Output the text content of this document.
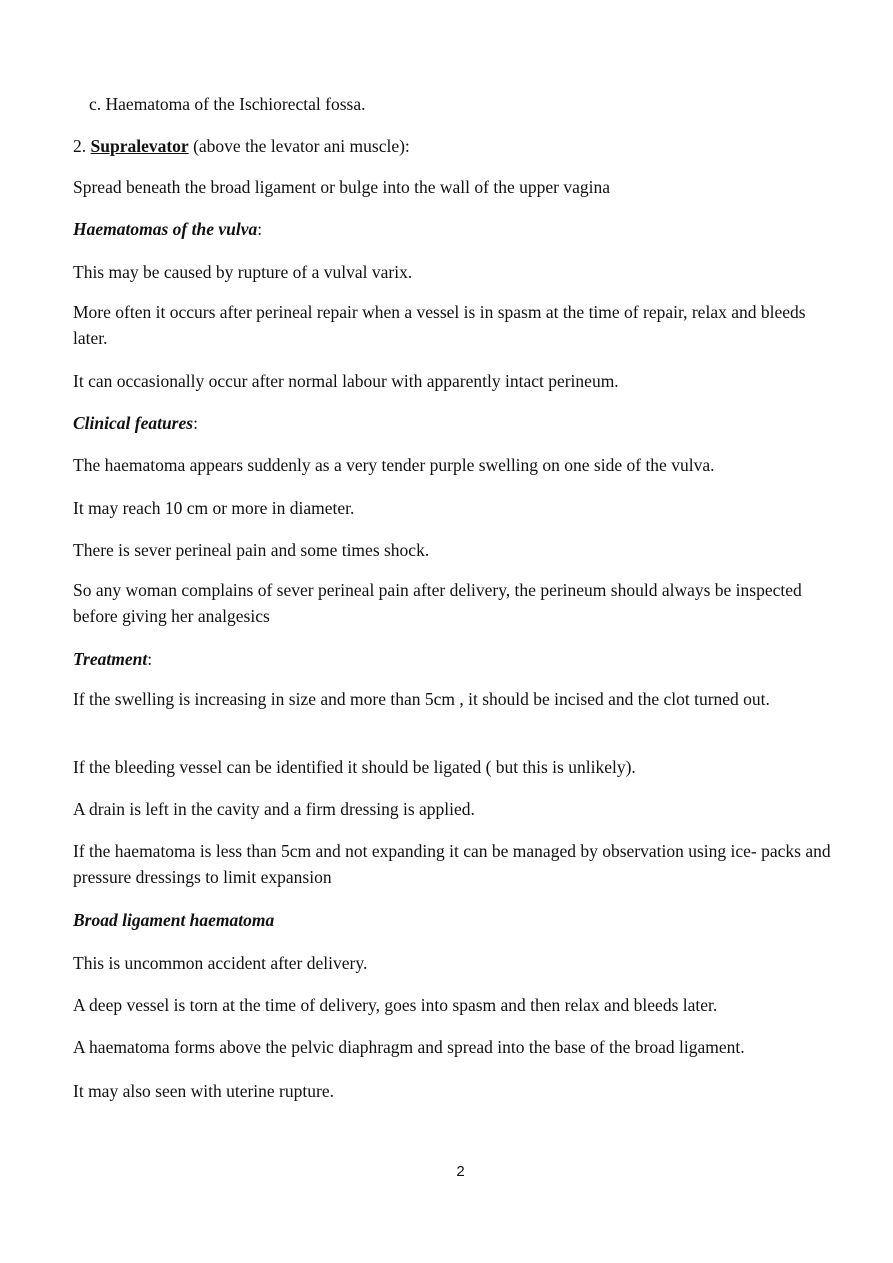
c. Haematoma of the Ischiorectal fossa.

2. Supralevator (above the levator ani muscle):

Spread beneath the broad ligament or bulge into the wall of the upper vagina

Haematomas of the vulva:

This may be caused by rupture of a vulval varix.

More often it occurs after perineal repair when a vessel is in spasm at the time of repair, relax and bleeds later.

It can occasionally occur after normal labour with apparently intact perineum.

Clinical features:

The haematoma appears suddenly as a very tender purple swelling on one side of the vulva.

It may reach 10 cm or more in diameter.

There is sever perineal pain and some times shock.

So any woman complains of sever perineal pain after delivery, the perineum should always be inspected before giving her analgesics

Treatment:

If the swelling is increasing in size and more than 5cm , it should be incised and the clot turned out.

If the bleeding vessel can be identified it should be ligated ( but this is unlikely).

A drain is left in the cavity and a firm dressing is applied.

If the haematoma is less than 5cm and not expanding it can be managed by observation using ice- packs and pressure dressings to limit expansion

Broad ligament haematoma

This is uncommon accident after delivery.

A deep vessel is torn at the time of delivery, goes into spasm and then relax and bleeds later.

A haematoma forms above the pelvic diaphragm and spread into the base of the broad ligament.

It may also seen with uterine rupture.

2
